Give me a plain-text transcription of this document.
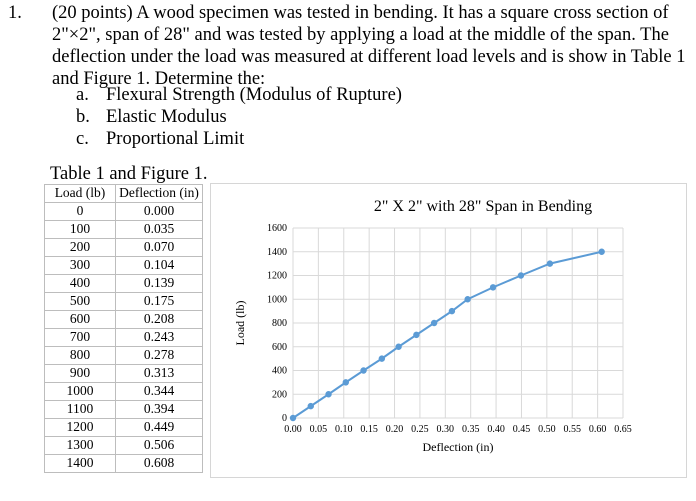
1. (20 points) A wood specimen was tested in bending. It has a square cross section of
2"×2", span of 28" and was tested by applying a load at the middle of the span. The
deflection under the load was measured at different load levels and is show in Table 1
and Figure 1. Determine the:
a. Flexural Strength (Modulus of Rupture)
b. Elastic Modulus
c. Proportional Limit
Table 1 and Figure 1.
Load (lb)	Deflection (in)
0	0.000
100	0.035
200	0.070
300	0.104
400	0.139
500	0.175
600	0.208
700	0.243
800	0.278
900	0.313
1000	0.344
1100	0.394
1200	0.449
1300	0.506
1400	0.608
2" X 2" with 28" Span in Bending
0
200
400
600
800
1000
1200
1400
1600
0.00 0.05 0.10 0.15 0.20 0.25 0.30 0.35 0.40 0.45 0.50 0.55 0.60 0.65
Deflection (in)
Load (lb)
